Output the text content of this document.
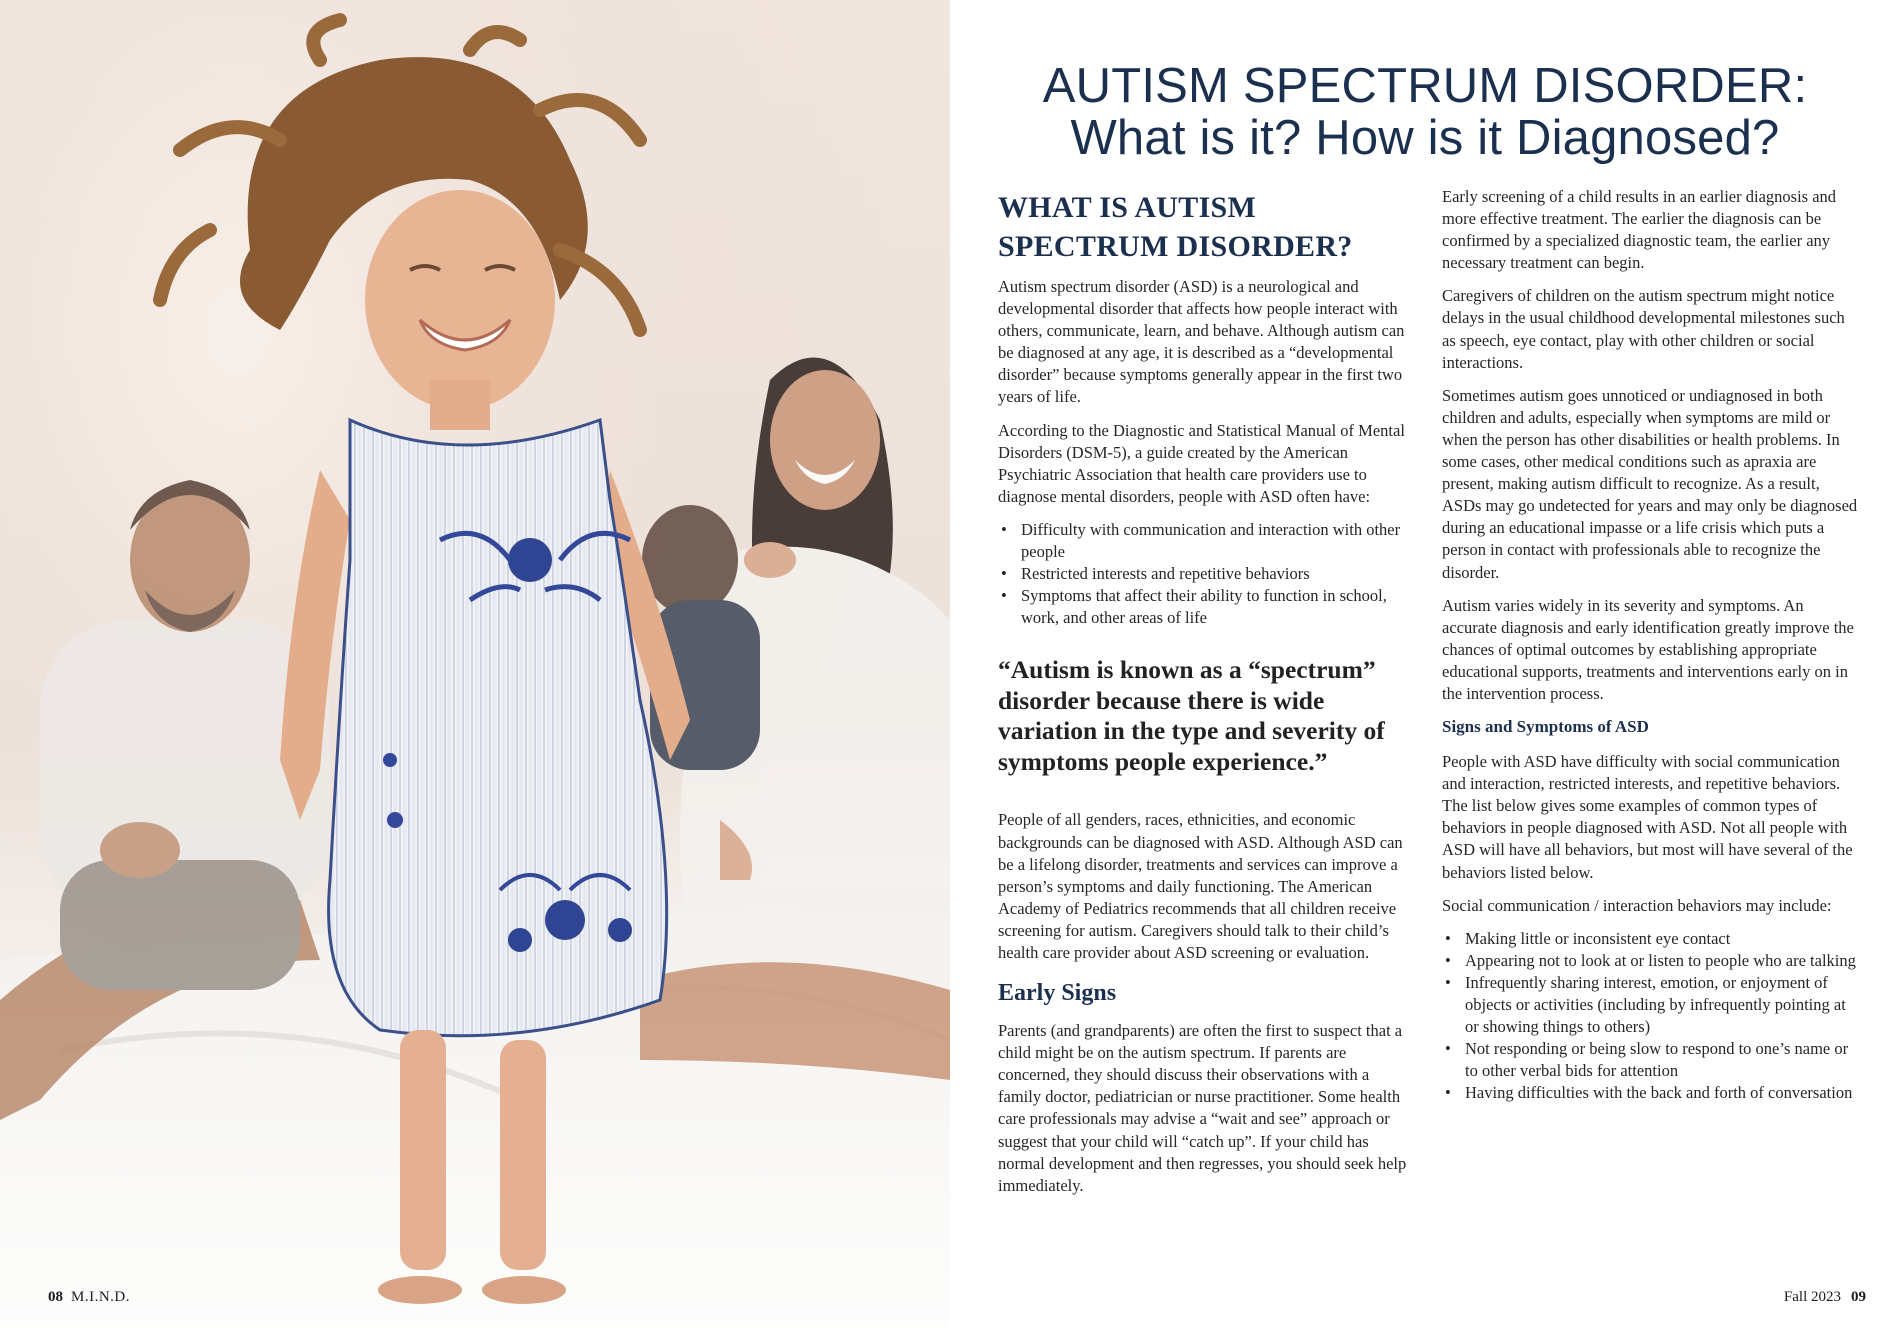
08 M.I.N.D.
AUTISM SPECTRUM DISORDER:
What is it? How is it Diagnosed?
WHAT IS AUTISM SPECTRUM DISORDER?

Autism spectrum disorder (ASD) is a neurological and developmental disorder that affects how people interact with others, communicate, learn, and behave. Although autism can be diagnosed at any age, it is described as a “developmental disorder” because symptoms generally appear in the first two years of life.

According to the Diagnostic and Statistical Manual of Mental Disorders (DSM-5), a guide created by the American Psychiatric Association that health care providers use to diagnose mental disorders, people with ASD often have:

• Difficulty with communication and interaction with other people
• Restricted interests and repetitive behaviors
• Symptoms that affect their ability to function in school, work, and other areas of life
“Autism is known as a “spectrum” disorder because there is wide variation in the type and severity of symptoms people experience.”

People of all genders, races, ethnicities, and economic backgrounds can be diagnosed with ASD. Although ASD can be a lifelong disorder, treatments and services can improve a person’s symptoms and daily functioning. The American Academy of Pediatrics recommends that all children receive screening for autism. Caregivers should talk to their child’s health care provider about ASD screening or evaluation.

Early Signs

Parents (and grandparents) are often the first to suspect that a child might be on the autism spectrum. If parents are concerned, they should discuss their observations with a family doctor, pediatrician or nurse practitioner. Some health care professionals may advise a “wait and see” approach or suggest that your child will “catch up”. If your child has normal development and then regresses, you should seek help immediately.

Early screening of a child results in an earlier diagnosis and more effective treatment. The earlier the diagnosis can be confirmed by a specialized diagnostic team, the earlier any necessary treatment can begin.

Caregivers of children on the autism spectrum might notice delays in the usual childhood developmental milestones such as speech, eye contact, play with other children or social interactions.

Sometimes autism goes unnoticed or undiagnosed in both children and adults, especially when symptoms are mild or when the person has other disabilities or health problems. In some cases, other medical conditions such as apraxia are present, making autism difficult to recognize. As a result, ASDs may go undetected for years and may only be diagnosed during an educational impasse or a life crisis which puts a person in contact with professionals able to recognize the disorder.

Autism varies widely in its severity and symptoms. An accurate diagnosis and early identification greatly improve the chances of optimal outcomes by establishing appropriate educational supports, treatments and interventions early on in the intervention process.

Signs and Symptoms of ASD

People with ASD have difficulty with social communication and interaction, restricted interests, and repetitive behaviors. The list below gives some examples of common types of behaviors in people diagnosed with ASD. Not all people with ASD will have all behaviors, but most will have several of the behaviors listed below.

Social communication / interaction behaviors may include:

• Making little or inconsistent eye contact
• Appearing not to look at or listen to people who are talking
• Infrequently sharing interest, emotion, or enjoyment of objects or activities (including by infrequently pointing at or showing things to others)
• Not responding or being slow to respond to one’s name or to other verbal bids for attention
• Having difficulties with the back and forth of conversation
Fall 2023 09
